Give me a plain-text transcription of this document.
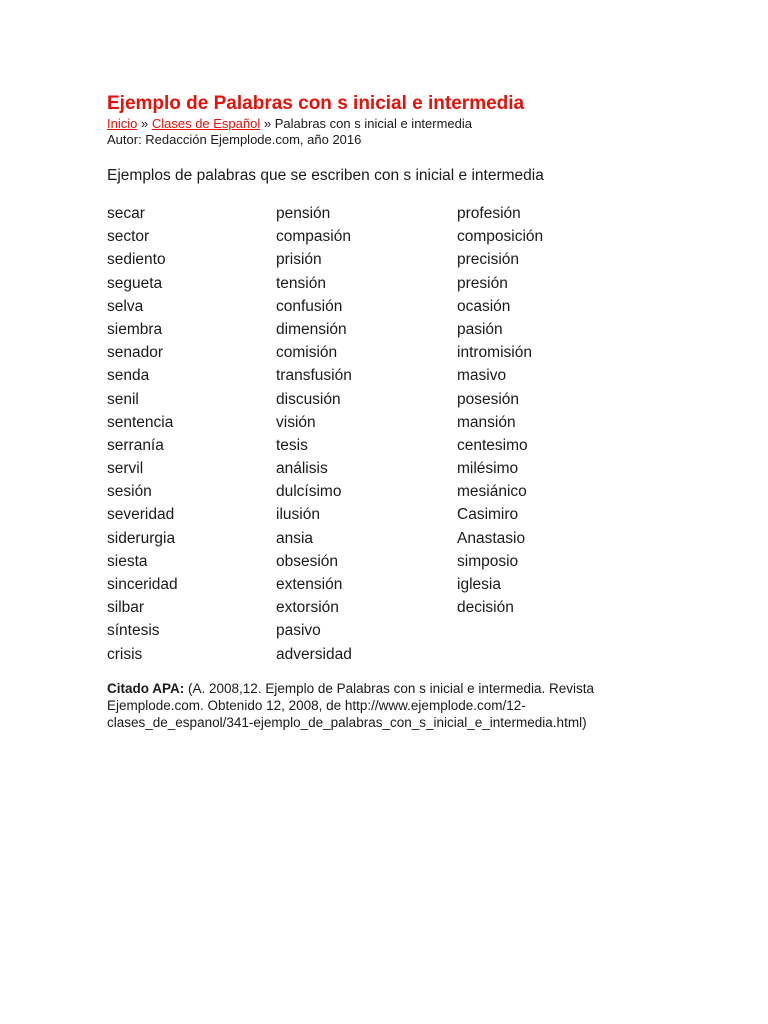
Ejemplo de Palabras con s inicial e intermedia
Inicio » Clases de Español » Palabras con s inicial e intermedia
Autor: Redacción Ejemplode.com, año 2016
Ejemplos de palabras que se escriben con s inicial e intermedia
secar
sector
sediento
segueta
selva
siembra
senador
senda
senil
sentencia
serranía
servil
sesión
severidad
siderurgia
siesta
sinceridad
silbar
síntesis
crisis
pensión
compasión
prisión
tensión
confusión
dimensión
comisión
transfusión
discusión
visión
tesis
análisis
dulcísimo
ilusión
ansia
obsesión
extensión
extorsión
pasivo
adversidad
profesión
composición
precisión
presión
ocasión
pasión
intromisión
masivo
posesión
mansión
centesimo
milésimo
mesiánico
Casimiro
Anastasio
simposio
iglesia
decisión
Citado APA: (A. 2008,12. Ejemplo de Palabras con s inicial e intermedia. Revista Ejemplode.com. Obtenido 12, 2008, de http://www.ejemplode.com/12-clases_de_espanol/341-ejemplo_de_palabras_con_s_inicial_e_intermedia.html)
